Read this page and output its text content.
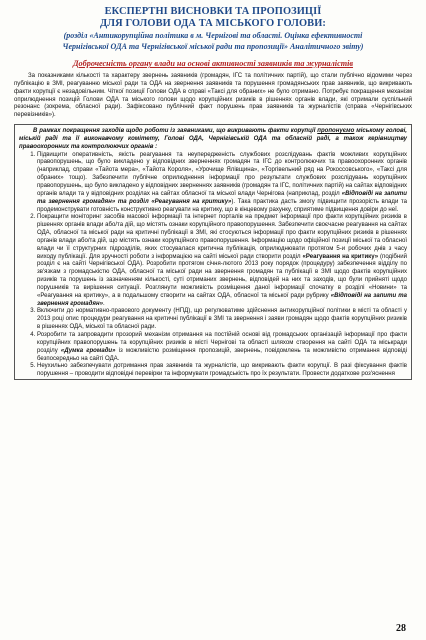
ЕКСПЕРТНІ ВИСНОВКИ ТА ПРОПОЗИЦІЇ
ДЛЯ ГОЛОВИ ОДА ТА МІСЬКОГО ГОЛОВИ:
(розділ «Антикорупційна політика в м. Чернігові та області. Оцінка ефективності
Чернігівської ОДА та Чернігівської міської ради та пропозиції» Аналітичного звіту)
Доброчесність органу влади на основі активності заявників та журналістів

За показниками кількості та характеру звернень заявників (громадян, ІГС та політичних партій), що стали публічно відомими через публікацію в ЗМІ, реагуванню міської ради та ОДА на звернення заявників та порушення громадянських прав заявників, що викривають факти корупції є незадовільним. Чіткої позиції Голови ОДА в справі «Таксі для обраних» не було отримано. Потребує покращення механізм оприлюднення позицій Голови ОДА та міського голови щодо корупційних ризиків в рішеннях органів влади, які отримали суспільний резонанс (зокрема, обласної ради). Зафіксовано публічний факт порушень прав заявників та журналістів (справа «Чернігівських перевізників»).

В рамках покращення заходів щодо роботи із заявниками, що викривають факти корупції пропонуємо міському голові, міській раді та її виконавчому комітету, Голові ОДА, Чернігівській ОДА та обласній раді, а також керівництву правоохоронних та контролюючих органів :

1. Підвищити оперативність, якість реагування та неупередженість службових розслідувань фактів можливих корупційних правопорушень, що було викладено у відповідних зверненнях громадян та ІГС до контролюючих та правоохоронних органів (наприклад, справи «Тайота мера», «Тайота Короля», «Урочище Ялівщина», «Торгівельний ряд на Рокоссовського», «Таксі для обраних» тощо). Забезпечити публічне оприлюднення інформації про результати службових розслідувань корупційних правопорушень, що було викладено у відповідних зверненнях заявників (громадян та ІГС, політичних партій) на сайтах відповідних органів влади та у відповідних розділах на сайтах обласної та міської влади Чернігова (наприклад, розділ «Відповіді на запити та звернення громадян» та розділ «Реагування на критику»). Така практика дасть змогу підвищити прозорість влади та продемонструвати готовність конструктивно реагувати на критику, що в кінцевому рахунку, сприятиме підвищення довіри до неї.
2. Покращити моніторинг засобів масової інформації та інтернет порталів на предмет інформації про факти корупційних ризиків в рішеннях органів влади або/та дій, що містять ознаки корупційного правопорушення. Забезпечити своєчасне реагування на сайтах ОДА, обласної та міської ради на критичні публікації в ЗМІ, які стосуються інформації про факти корупційних ризиків в рішеннях органів влади або/та дій, що містять ознаки корупційного правопорушення. Інформацію щодо офіційної позиції міської та обласної влади чи її структурних підрозділів, яких стосувалася критична публікація, оприлюднювати протягом 5-и робочих днів з часу виходу публікації. Для зручності роботи з інформацією на сайті міської ради створити розділ «Реагування на критику» (подібний розділ є на сайті Чернігівської ОДА). Розробити протягом січня-лютого 2013 року порядок (процедуру) забезпечення відділу по зв'язкам з громадськістю ОДА, обласної та міської ради на звернення громадян та публікації в ЗМІ щодо фактів корупційних ризиків та порушень із зазначенням кількості, суті отриманих звернень, відповідей на них та заходів, що були прийняті щодо порушників та вирішення ситуації. Розглянути можливість розміщення даної інформації спочатку в розділі «Новини» та «Реагування на критику», а в подальшому створити на сайтах ОДА, обласної та міської ради рубрику «Відповіді на запити та звернення громадян».
3. Включити до нормативно-правового документу (НПД), що регулюватиме здійснення антикорупційної політики в місті та області у 2013 році опис процедури реагування на критичні публікації в ЗМІ та звернення і заяви громадян щодо фактів корупційних ризиків в рішеннях ОДА, міської та обласної ради.
4. Розробити та запровадити прозорий механізм отримання на постійній основі від громадських організацій інформації про факти корупційних правопорушень та корупційних ризиків в місті Чернігові та області шляхом створення на сайті ОДА та міськради розділу «Думка громади» із можливістю розміщення пропозицій, звернень, повідомлень та можливістю отримання відповіді безпосередньо на сайті ОДА.
5. Неухильно забезпечувати дотримання прав заявників та журналістів, що викривають факти корупції. В разі фіксування фактів порушення – проводити відповідні перевірки та інформувати громадськість про їх результати. Провести додаткове роз'яснення
28
